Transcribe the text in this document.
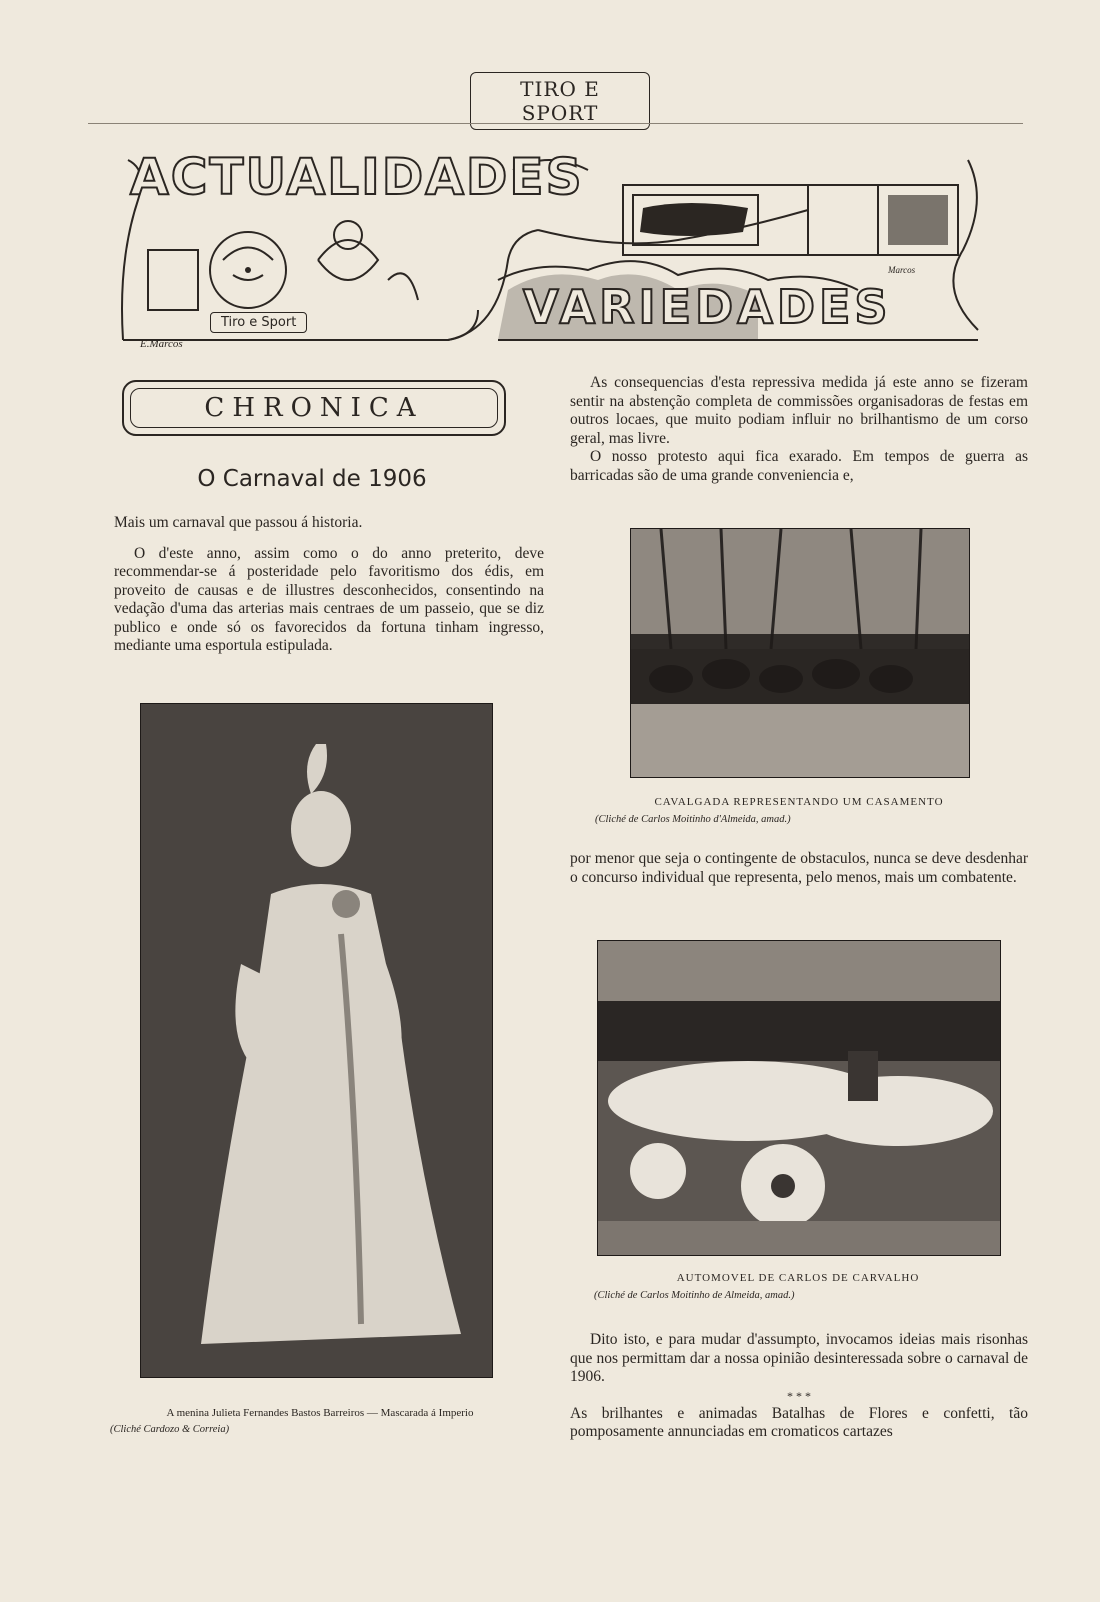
TIRO E SPORT
ACTUALIDADES
VARIEDADES
Tiro e Sport
E.Marcos
Marcos
CHRONICA
O Carnaval de 1906

Mais um carnaval que passou á historia.

O d'este anno, assim como o do anno preterito, deve recommendar-se á posteridade pelo favoritismo dos édis, em proveito de causas e de illustres desconhecidos, consentindo na vedação d'uma das arterias mais centraes de um passeio, que se diz publico e onde só os favorecidos da fortuna tinham ingresso, mediante uma esportula estipulada.

As consequencias d'esta repressiva medida já este anno se fizeram sentir na abstenção completa de commissões organisadoras de festas em outros locaes, que muito podiam influir no brilhantismo de um corso geral, mas livre.

O nosso protesto aqui fica exarado. Em tempos de guerra as barricadas são de uma grande conveniencia e,

CAVALGADA REPRESENTANDO UM CASAMENTO
(Cliché de Carlos Moitinho d'Almeida, amad.)

por menor que seja o contingente de obstaculos, nunca se deve desdenhar o concurso individual que representa, pelo menos, mais um combatente.

AUTOMOVEL DE CARLOS DE CARVALHO
(Cliché de Carlos Moitinho de Almeida, amad.)
A menina Julieta Fernandes Bastos Barreiros — Mascarada á Imperio
(Cliché Cardozo & Correia)

Dito isto, e para mudar d'assumpto, invocamos ideias mais risonhas que nos permittam dar a nossa opinião desinteressada sobre o carnaval de 1906.

* * *

As brilhantes e animadas Batalhas de Flores e confetti, tão pomposamente annunciadas em cromaticos cartazes
